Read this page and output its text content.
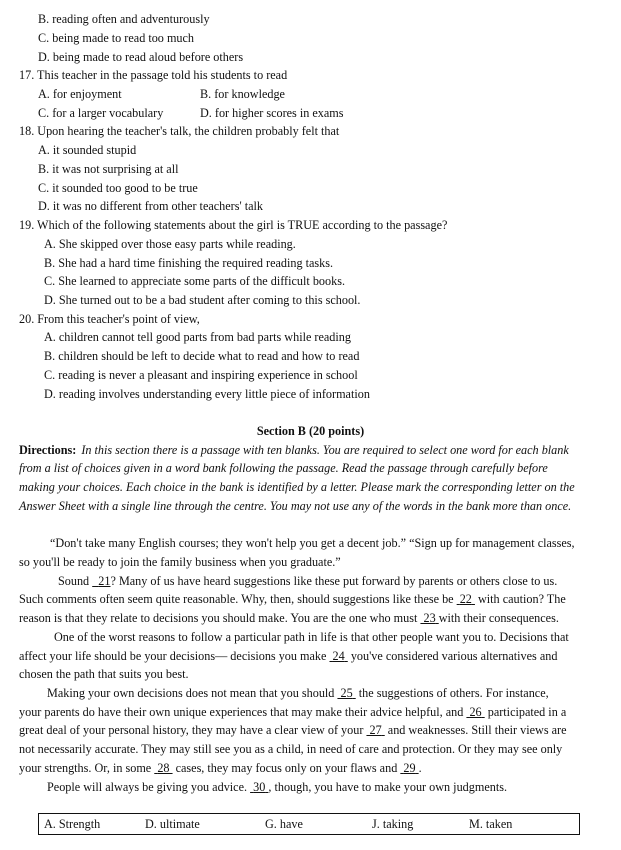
B. reading often and adventurously
C. being made to read too much
D. being made to read aloud before others
17. This teacher in the passage told his students to read
A. for enjoyment	B. for knowledge
C. for a larger vocabulary	D. for higher scores in exams
18. Upon hearing the teacher's talk, the children probably felt that
A. it sounded stupid
B. it was not surprising at all
C. it sounded too good to be true
D. it was no different from other teachers' talk
19. Which of the following statements about the girl is TRUE according to the passage?
A. She skipped over those easy parts while reading.
B. She had a hard time finishing the required reading tasks.
C. She learned to appreciate some parts of the difficult books.
D. She turned out to be a bad student after coming to this school.
20. From this teacher's point of view,
A. children cannot tell good parts from bad parts while reading
B. children should be left to decide what to read and how to read
C. reading is never a pleasant and inspiring experience in school
D. reading involves understanding every little piece of information
Section B (20 points)
Directions: In this section there is a passage with ten blanks. You are required to select one word for each blank
from a list of choices given in a word bank following the passage. Read the passage through carefully before
making your choices. Each choice in the bank is identified by a letter. Please mark the corresponding letter on the
Answer Sheet with a single line through the centre. You may not use any of the words in the bank more than once.
“Don't take many English courses; they won't help you get a decent job.” “Sign up for management classes,
so you'll be ready to join the family business when you graduate.”
Sound 21? Many of us have heard suggestions like these put forward by parents or others close to us.
Such comments often seem quite reasonable. Why, then, should suggestions like these be 22 with caution? The
reason is that they relate to decisions you should make. You are the one who must 23 with their consequences.
One of the worst reasons to follow a particular path in life is that other people want you to. Decisions that
affect your life should be your decisions— decisions you make 24 you've considered various alternatives and
chosen the path that suits you best.
Making your own decisions does not mean that you should 25 the suggestions of others. For instance,
your parents do have their own unique experiences that may make their advice helpful, and 26 participated in a
great deal of your personal history, they may have a clear view of your 27 and weaknesses. Still their views are
not necessarily accurate. They may still see you as a child, in need of care and protection. Or they may see only
your strengths. Or, in some 28 cases, they may focus only on your flaws and 29 .
People will always be giving you advice. 30 , though, you have to make your own judgments.
A. Strength	D. ultimate	G. have	J. taking	M. taken
